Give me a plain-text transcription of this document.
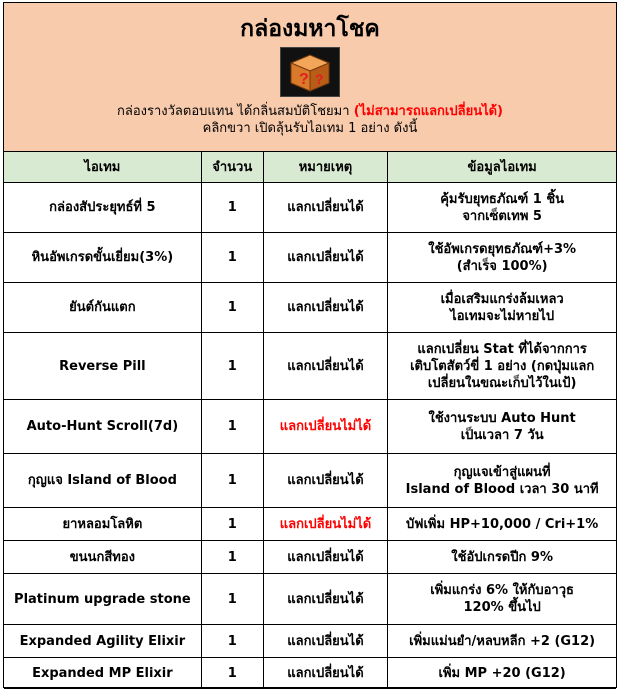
กล่องมหาโชค
? ?
กล่องรางวัลตอบแทน ได้กลิ่นสมบัติโชยมา (ไม่สามารถแลกเปลี่ยนได้)
คลิกขวา เปิดลุ้นรับไอเทม 1 อย่าง ดังนี้
ไอเทม	จำนวน	หมายเหตุ	ข้อมูลไอเทม
กล่องสัประยุทธ์ที่ 5	1	แลกเปลี่ยนได้	คุ้มรับยุทธภัณฑ์ 1 ชิ้น
จากเซ็ตเทพ 5
หินอัพเกรดขั้นเยี่ยม(3%)	1	แลกเปลี่ยนได้	ใช้อัพเกรดยุทธภัณฑ์+3%
(สำเร็จ 100%)
ยันต์กันแตก	1	แลกเปลี่ยนได้	เมื่อเสริมแกร่งล้มเหลว
ไอเทมจะไม่หายไป
Reverse Pill	1	แลกเปลี่ยนได้	แลกเปลี่ยน Stat ที่ได้จากการ
เติบโตสัตว์ขี่ 1 อย่าง (กดปุ่มแลก
เปลี่ยนในขณะเก็บไว้ในเป้)
Auto-Hunt Scroll(7d)	1	แลกเปลี่ยนไม่ได้	ใช้งานระบบ Auto Hunt
เป็นเวลา 7 วัน
กุญแจ Island of Blood	1	แลกเปลี่ยนได้	กุญแจเข้าสู่แผนที่
Island of Blood เวลา 30 นาที
ยาหลอมโลหิต	1	แลกเปลี่ยนไม่ได้	บัฟเพิ่ม HP+10,000 / Cri+1%
ขนนกสีทอง	1	แลกเปลี่ยนได้	ใช้อัปเกรดปีก 9%
Platinum upgrade stone	1	แลกเปลี่ยนได้	เพิ่มแกร่ง 6% ให้กับอาวุธ
120% ขึ้นไป
Expanded Agility Elixir	1	แลกเปลี่ยนได้	เพิ่มแม่นยำ/หลบหลีก +2 (G12)
Expanded MP Elixir	1	แลกเปลี่ยนได้	เพิ่ม MP +20 (G12)
